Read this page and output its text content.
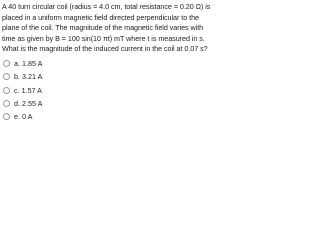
A 40 turn circular coil (radius = 4.0 cm, total resistance = 0.20 Ω) is
placed in a uniform magnetic field directed perpendicular to the
plane of the coil. The magnitude of the magnetic field varies with
time as given by B = 100 sin(10 πt) mT where t is measured in s.
What is the magnitude of the induced current in the coil at 0.07 s?
a. 1.85 A
b. 3.21 A
c. 1.57 A
d. 2.55 A
e. 0 A
